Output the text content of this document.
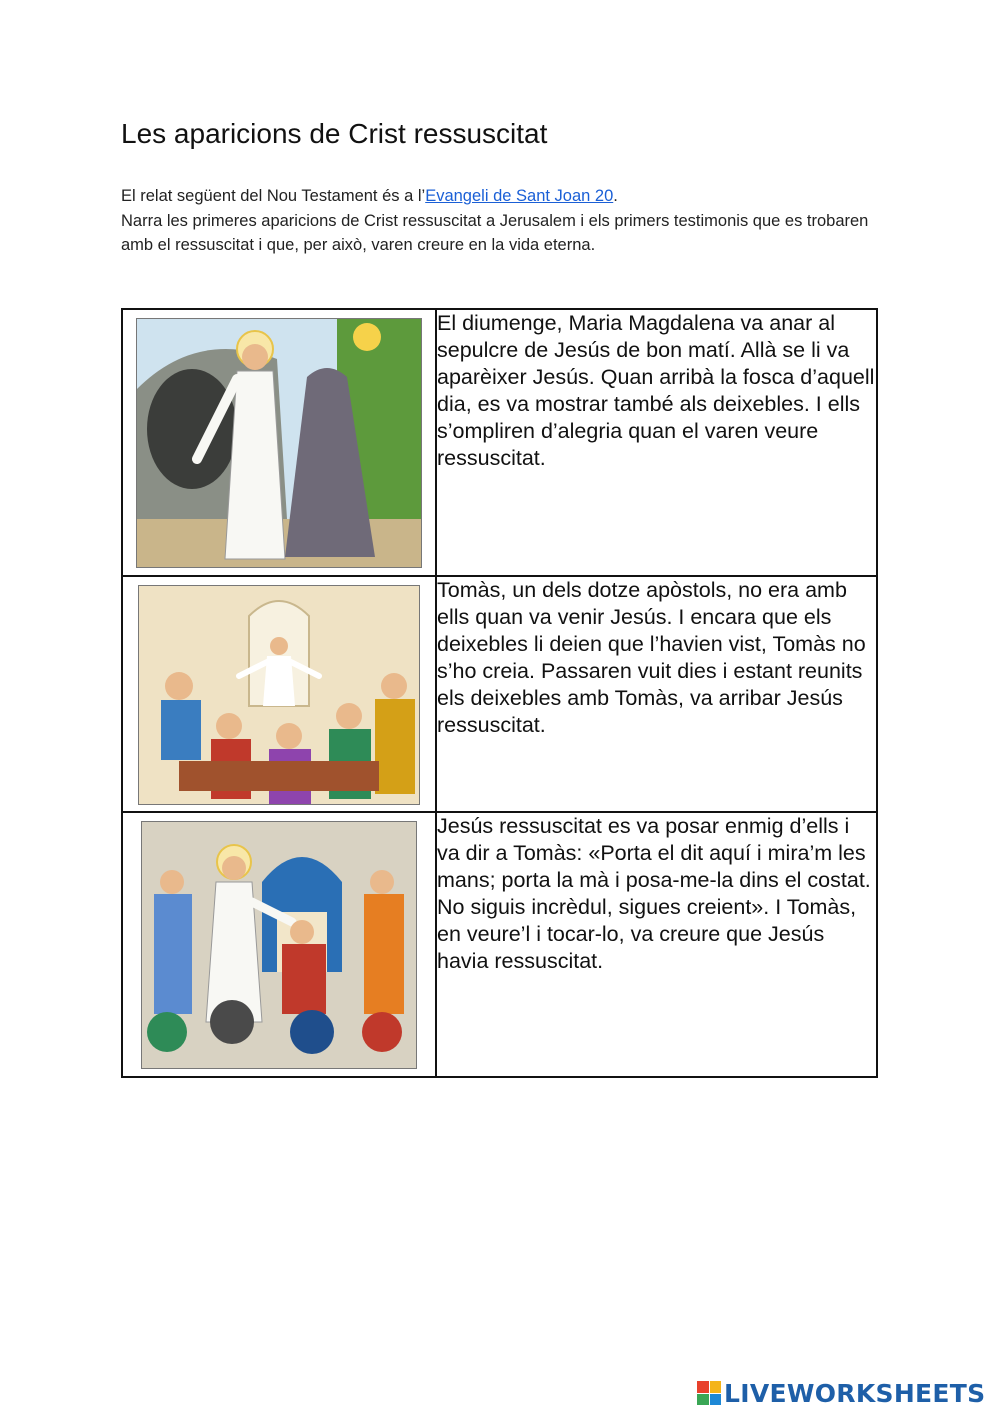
Les aparicions de Crist ressuscitat
El relat següent del Nou Testament és a l’Evangeli de Sant Joan 20.
Narra les primeres aparicions de Crist ressuscitat a Jerusalem i els primers testimonis que es trobaren amb el ressuscitat i que, per això, varen creure en la vida eterna.
	El diumenge, Maria Magdalena va anar al sepulcre de Jesús de bon matí. Allà se li va aparèixer Jesús. Quan arribà la fosca d’aquell dia, es va mostrar també als deixebles. I ells s’ompliren d’alegria quan el varen veure ressuscitat.

	Tomàs, un dels dotze apòstols, no era amb ells quan va venir Jesús. I encara que els deixebles li deien que l’havien vist, Tomàs no s’ho creia. Passaren vuit dies i estant reunits els deixebles amb Tomàs, va arribar Jesús ressuscitat.

	Jesús ressuscitat es va posar enmig d’ells i va dir a Tomàs: «Porta el dit aquí i mira’m les mans; porta la mà i posa-me-la dins el costat. No siguis incrèdul, sigues creient». I Tomàs, en veure’l i tocar-lo, va creure que Jesús havia ressuscitat.
LIVEWORKSHEETS
